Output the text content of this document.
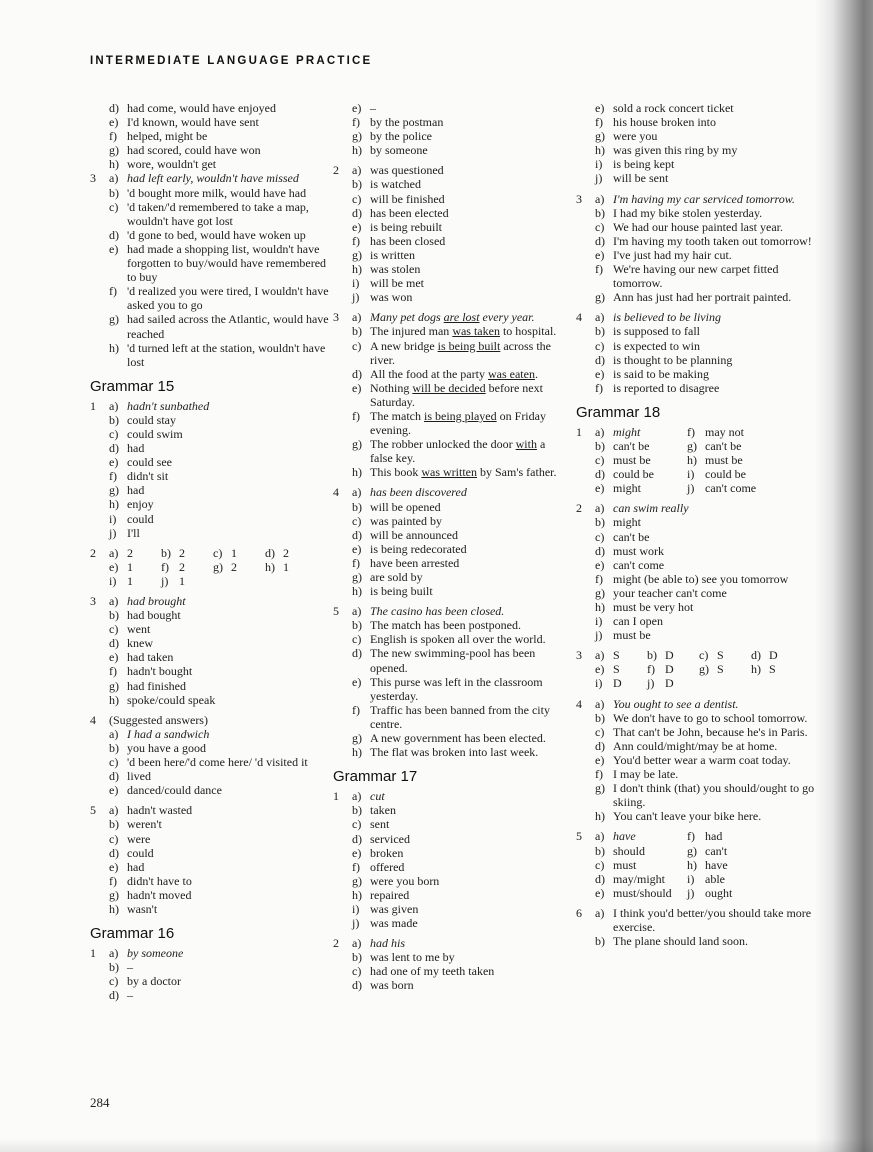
INTERMEDIATE LANGUAGE PRACTICE
d) had come, would have enjoyed
e) I'd known, would have sent
f) helped, might be
g) had scored, could have won
h) wore, wouldn't get
3	a) had left early, wouldn't have missed
b) 'd bought more milk, would have had
c) 'd taken/'d remembered to take a map, wouldn't have got lost
d) 'd gone to bed, would have woken up
e) had made a shopping list, wouldn't have forgotten to buy/would have remembered to buy
f) 'd realized you were tired, I wouldn't have asked you to go
g) had sailed across the Atlantic, would have reached
h) 'd turned left at the station, wouldn't have lost
Grammar 15
1	a) hadn't sunbathed
b) could stay
c) could swim
d) had
e) could see
f) didn't sit
g) had
h) enjoy
i) could
j) I'll
2	a) 2 b) 2 c) 1 d) 2
e) 1 f) 2 g) 2 h) 1
i) 1 j) 1
3	a) had brought
b) had bought
c) went
d) knew
e) had taken
f) hadn't bought
g) had finished
h) spoke/could speak
4	(Suggested answers)
a) I had a sandwich
b) you have a good
c) 'd been here/'d come here/ 'd visited it
d) lived
e) danced/could dance
5	a) hadn't wasted
b) weren't
c) were
d) could
e) had
f) didn't have to
g) hadn't moved
h) wasn't
Grammar 16
1	a) by someone
b) –
c) by a doctor
d) –
e) –
f) by the postman
g) by the police
h) by someone
2	a) was questioned
b) is watched
c) will be finished
d) has been elected
e) is being rebuilt
f) has been closed
g) is written
h) was stolen
i) will be met
j) was won
3	a) Many pet dogs are lost every year.
b) The injured man was taken to hospital.
c) A new bridge is being built across the river.
d) All the food at the party was eaten.
e) Nothing will be decided before next Saturday.
f) The match is being played on Friday evening.
g) The robber unlocked the door with a false key.
h) This book was written by Sam's father.
4	a) has been discovered
b) will be opened
c) was painted by
d) will be announced
e) is being redecorated
f) have been arrested
g) are sold by
h) is being built
5	a) The casino has been closed.
b) The match has been postponed.
c) English is spoken all over the world.
d) The new swimming-pool has been opened.
e) This purse was left in the classroom yesterday.
f) Traffic has been banned from the city centre.
g) A new government has been elected.
h) The flat was broken into last week.
Grammar 17
1	a) cut
b) taken
c) sent
d) serviced
e) broken
f) offered
g) were you born
h) repaired
i) was given
j) was made
2	a) had his
b) was lent to me by
c) had one of my teeth taken
d) was born
e) sold a rock concert ticket
f) his house broken into
g) were you
h) was given this ring by my
i) is being kept
j) will be sent
3	a) I'm having my car serviced tomorrow.
b) I had my bike stolen yesterday.
c) We had our house painted last year.
d) I'm having my tooth taken out tomorrow!
e) I've just had my hair cut.
f) We're having our new carpet fitted tomorrow.
g) Ann has just had her portrait painted.
4	a) is believed to be living
b) is supposed to fall
c) is expected to win
d) is thought to be planning
e) is said to be making
f) is reported to disagree
Grammar 18
1	a) might	f) may not
b) can't be	g) can't be
c) must be	h) must be
d) could be	i) could be
e) might	j) can't come
2	a) can swim really
b) might
c) can't be
d) must work
e) can't come
f) might (be able to) see you tomorrow
g) your teacher can't come
h) must be very hot
i) can I open
j) must be
3	a) S b) D c) S d) D
e) S f) D g) S h) S
i) D j) D
4	a) You ought to see a dentist.
b) We don't have to go to school tomorrow.
c) That can't be John, because he's in Paris.
d) Ann could/might/may be at home.
e) You'd better wear a warm coat today.
f) I may be late.
g) I don't think (that) you should/ought to go skiing.
h) You can't leave your bike here.
5	a) have	f) had
b) should	g) can't
c) must	h) have
d) may/might i) able
e) must/should j) ought
6	a) I think you'd better/you should take more exercise.
b) The plane should land soon.
284
